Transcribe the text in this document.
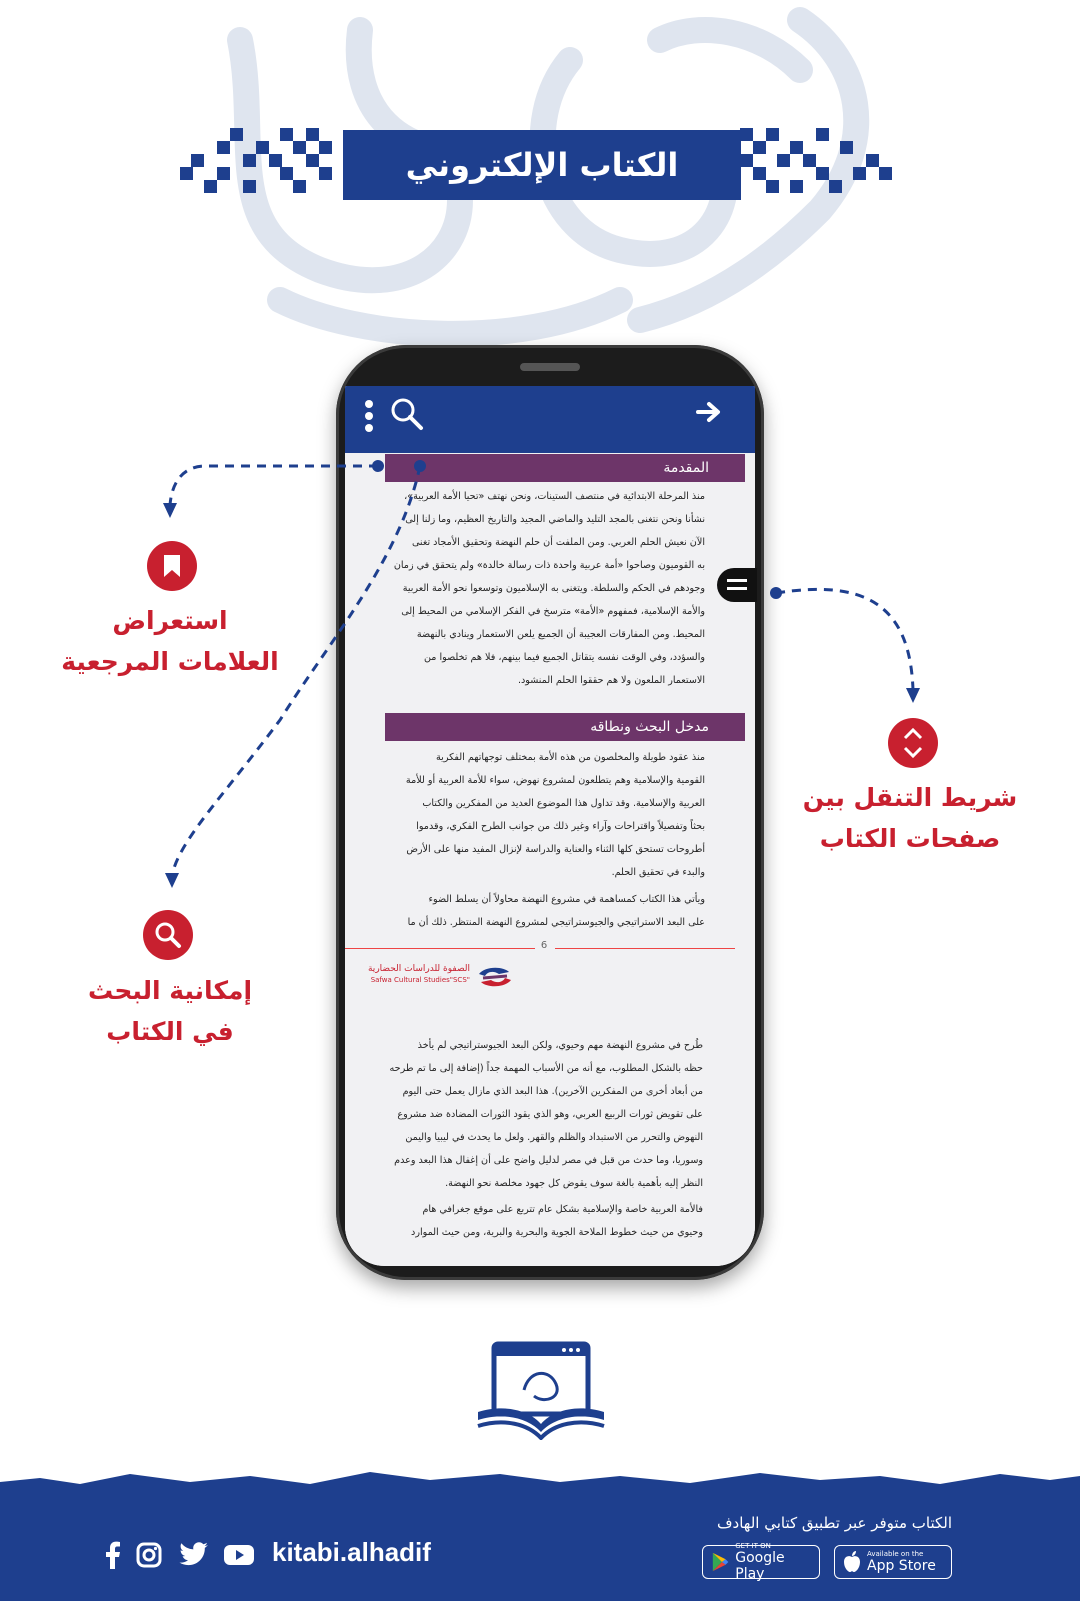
الكتاب الإلكتروني
المقدمة
منذ المرحلة الابتدائية في منتصف الستينات، ونحن نهتف «تحيا الأمة العربية»،
نشأنا ونحن نتغنى بالمجد التليد والماضي المجيد والتاريخ العظيم، وما زلنا إلى
الآن نعيش الحلم العربي. ومن الملفت أن حلم النهضة وتحقيق الأمجاد تغنى
به القوميون وصاحوا «أمة عربية واحدة ذات رسالة خالدة» ولم يتحقق في زمان
وجودهم في الحكم والسلطة. ويتغنى به الإسلاميون وتوسعوا نحو الأمة العربية
والأمة الإسلامية، فمفهوم «الأمة» مترسخ في الفكر الإسلامي من المحيط إلى
المحيط. ومن المفارقات العجيبة أن الجميع يلعن الاستعمار وينادي بالنهضة
والسؤدد، وفي الوقت نفسه يتقاتل الجميع فيما بينهم، فلا هم تخلصوا من
الاستعمار الملعون ولا هم حققوا الحلم المنشود.
مدخل البحث ونطاقه
منذ عقود طويلة والمخلصون من هذه الأمة بمختلف توجهاتهم الفكرية
القومية والإسلامية وهم يتطلعون لمشروع نهوض، سواء للأمة العربية أو للأمة
العربية والإسلامية. وقد تداول هذا الموضوع العديد من المفكرين والكتاب
بحثاً وتفصيلاً واقتراحات وآراء وغير ذلك من جوانب الطرح الفكري، وقدموا
أطروحات تستحق كلها الثناء والعناية والدراسة لإنزال المفيد منها على الأرض
والبدء في تحقيق الحلم.
ويأتي هذا الكتاب كمساهمة في مشروع النهضة محاولاً أن يسلط الضوء
على البعد الاستراتيجي والجيوستراتيجي لمشروع النهضة المنتظر. ذلك أن ما
6
الصفوة للدراسات الحضارية
Safwa Cultural Studies"SCS"
طُرح في مشروع النهضة مهم وحيوي، ولكن البعد الجيوستراتيجي لم يأخذ
حظه بالشكل المطلوب، مع أنه من الأسباب المهمة جداً (إضافة إلى ما تم طرحه
من أبعاد أخرى من المفكرين الآخرين). هذا البعد الذي مازال يعمل حتى اليوم
على تقويض ثورات الربيع العربي، وهو الذي يقود الثورات المضادة ضد مشروع
النهوض والتحرر من الاستبداد والظلم والقهر. ولعل ما يحدث في ليبيا واليمن
وسوريا، وما حدث من قبل في مصر لدليل واضح على أن إغفال هذا البعد وعدم
النظر إليه بأهمية بالغة سوف يقوض كل جهود مخلصة نحو النهضة.
فالأمة العربية خاصة والإسلامية بشكل عام تتربع على موقع جغرافي هام
وحيوي من حيث خطوط الملاحة الجوية والبحرية والبرية، ومن حيث الموارد
استعراض
العلامات المرجعية
شريط التنقل بين
صفحات الكتاب
إمكانية البحث
في الكتاب
الكتاب متوفر عبر تطبيق كتابي الهادف
GET IT ON
Google Play
Available on the
App Store
kitabi.alhadif
